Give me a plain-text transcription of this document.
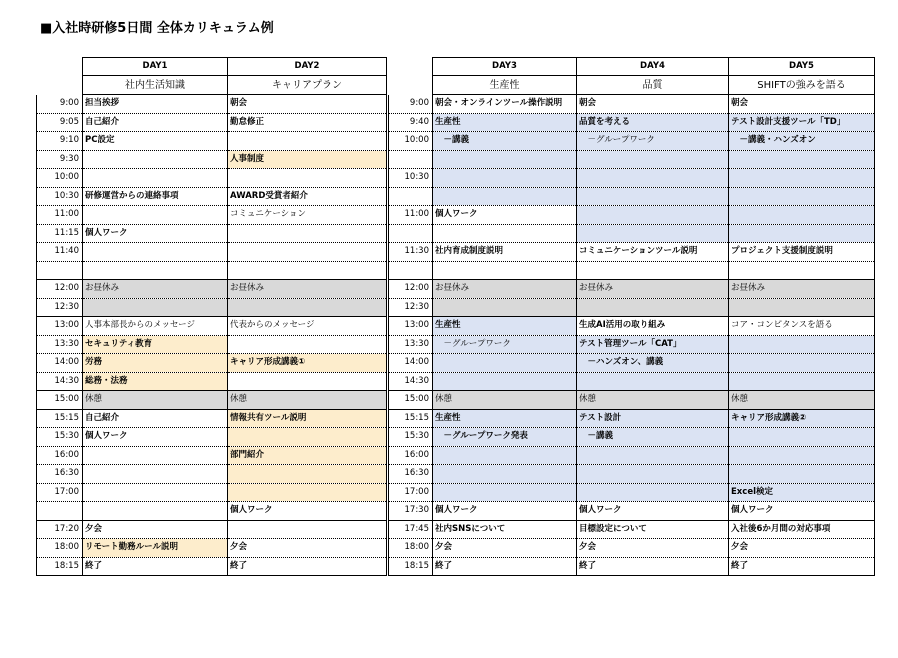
■入社時研修5日間 全体カリキュラム例
	DAY1	DAY2
	社内生活知識	キャリアプラン
9:00	担当挨拶	朝会
9:05	自己紹介	勤怠修正
9:10	PC設定	
9:30		人事制度
10:00		
10:30	研修運営からの連絡事項	AWARD受賞者紹介
11:00		コミュニケーション
11:15	個人ワーク	
11:40		

12:00	お昼休み	お昼休み
12:30		
13:00	人事本部長からのメッセージ	代表からのメッセージ
13:30	セキュリティ教育	
14:00	労務	キャリア形成講義①
14:30	総務・法務	
15:00	休憩	休憩
15:15	自己紹介	情報共有ツール説明
15:30	個人ワーク	
16:00		部門紹介
16:30		
17:00		
		個人ワーク
17:20	夕会	
18:00	リモート勤務ルール説明	夕会
18:15	終了	終了
	DAY3	DAY4	DAY5
	生産性	品質	SHIFTの強みを語る
9:00	朝会・オンラインツール操作説明	朝会	朝会
9:40	生産性	品質を考える	テスト設計支援ツール「TD」
10:00	　－講義	　－グループワーク	　－講義・ハンズオン

10:30			

11:00	個人ワーク		

11:30	社内育成制度説明	コミュニケーションツール説明	プロジェクト支援制度説明

12:00	お昼休み	お昼休み	お昼休み
12:30			
13:00	生産性	生成AI活用の取り組み	コア・コンピタンスを語る
13:30	　－グループワーク	テスト管理ツール「CAT」	
14:00		　－ハンズオン、講義	
14:30			
15:00	休憩	休憩	休憩
15:15	生産性	テスト設計	キャリア形成講義②
15:30	　－グループワーク発表	　－講義	
16:00			
16:30			
17:00			Excel検定
17:30	個人ワーク	個人ワーク	個人ワーク
17:45	社内SNSについて	目標設定について	入社後6か月間の対応事項
18:00	夕会	夕会	夕会
18:15	終了	終了	終了
